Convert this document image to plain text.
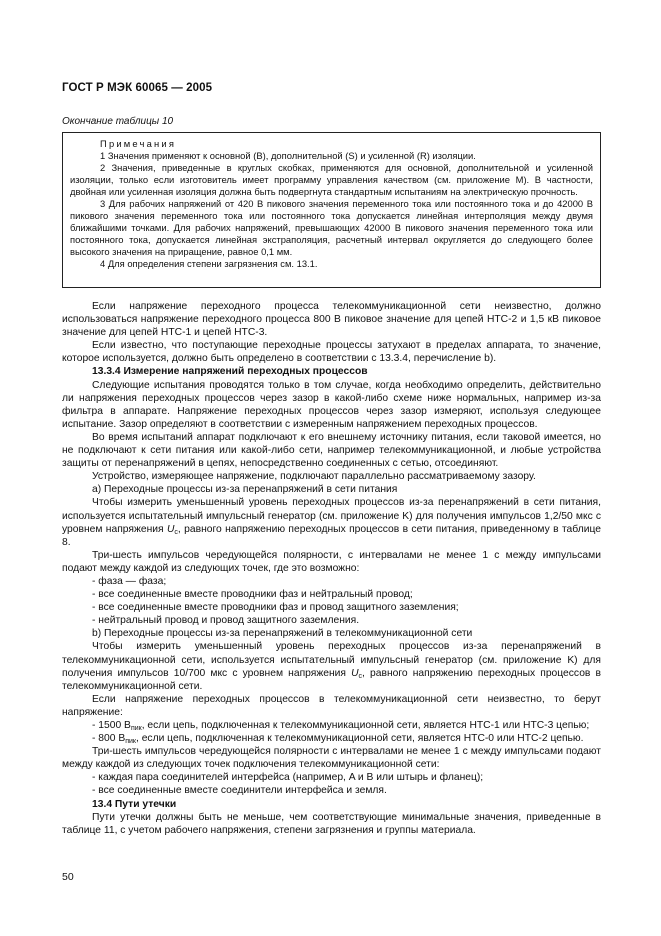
ГОСТ Р МЭК 60065 — 2005
Окончание таблицы 10

Примечания

1 Значения применяют к основной (B), дополнительной (S) и усиленной (R) изоляции.

2 Значения, приведенные в круглых скобках, применяются для основной, дополнительной и усиленной изоляции, только если изготовитель имеет программу управления качеством (см. приложение M). В частности, двойная или усиленная изоляция должна быть подвергнута стандартным испытаниям на электрическую прочность.

3 Для рабочих напряжений от 420 В пикового значения переменного тока или постоянного тока и до 42000 В пикового значения переменного тока или постоянного тока допускается линейная интерполяция между двумя ближайшими точками. Для рабочих напряжений, превышающих 42000 В пикового значения переменного тока или постоянного тока, допускается линейная экстраполяция, расчетный интервал округляется до следующего более высокого значения на приращение, равное 0,1 мм.

4 Для определения степени загрязнения см. 13.1.

Если напряжение переходного процесса телекоммуникационной сети неизвестно, должно использоваться напряжение переходного процесса 800 В пиковое значение для цепей НТС-2 и 1,5 кВ пиковое значение для цепей НТС-1 и цепей НТС-3.

Если известно, что поступающие переходные процессы затухают в пределах аппарата, то значение, которое используется, должно быть определено в соответствии с 13.3.4, перечисление b).

13.3.4 Измерение напряжений переходных процессов

Следующие испытания проводятся только в том случае, когда необходимо определить, действительно ли напряжения переходных процессов через зазор в какой-либо схеме ниже нормальных, например из-за фильтра в аппарате. Напряжение переходных процессов через зазор измеряют, используя следующее испытание. Зазор определяют в соответствии с измеренным напряжением переходных процессов.

Во время испытаний аппарат подключают к его внешнему источнику питания, если таковой имеется, но не подключают к сети питания или какой-либо сети, например телекоммуникационной, и любые устройства защиты от перенапряжений в цепях, непосредственно соединенных с сетью, отсоединяют.

Устройство, измеряющее напряжение, подключают параллельно рассматриваемому зазору.

a) Переходные процессы из-за перенапряжений в сети питания

Чтобы измерить уменьшенный уровень переходных процессов из-за перенапряжений в сети питания, используется испытательный импульсный генератор (см. приложение K) для получения импульсов 1,2/50 мкс с уровнем напряжения $U_с$, равного напряжению переходных процессов в сети питания, приведенному в таблице 8.

Три-шесть импульсов чередующейся полярности, с интервалами не менее 1 с между импульсами подают между каждой из следующих точек, где это возможно:

- фаза — фаза;

- все соединенные вместе проводники фаз и нейтральный провод;

- все соединенные вместе проводники фаз и провод защитного заземления;

- нейтральный провод и провод защитного заземления.

b) Переходные процессы из-за перенапряжений в телекоммуникационной сети

Чтобы измерить уменьшенный уровень переходных процессов из-за перенапряжений в телекоммуникационной сети, используется испытательный импульсный генератор (см. приложение K) для получения импульсов 10/700 мкс с уровнем напряжения $U_с$, равного напряжению переходных процессов в телекоммуникационной сети.

Если напряжение переходных процессов в телекоммуникационной сети неизвестно, то берут напряжение:

- 1500 $В_{пик}$, если цепь, подключенная к телекоммуникационной сети, является НТС-1 или НТС-3 цепью;

- 800 $В_{пик}$, если цепь, подключенная к телекоммуникационной сети, является НТС-0 или НТС-2 цепью.

Три-шесть импульсов чередующейся полярности с интервалами не менее 1 с между импульсами подают между каждой из следующих точек подключения телекоммуникационной сети:

- каждая пара соединителей интерфейса (например, A и B или штырь и фланец);

- все соединенные вместе соединители интерфейса и земля.

13.4 Пути утечки

Пути утечки должны быть не меньше, чем соответствующие минимальные значения, приведенные в таблице 11, с учетом рабочего напряжения, степени загрязнения и группы материала.

50
